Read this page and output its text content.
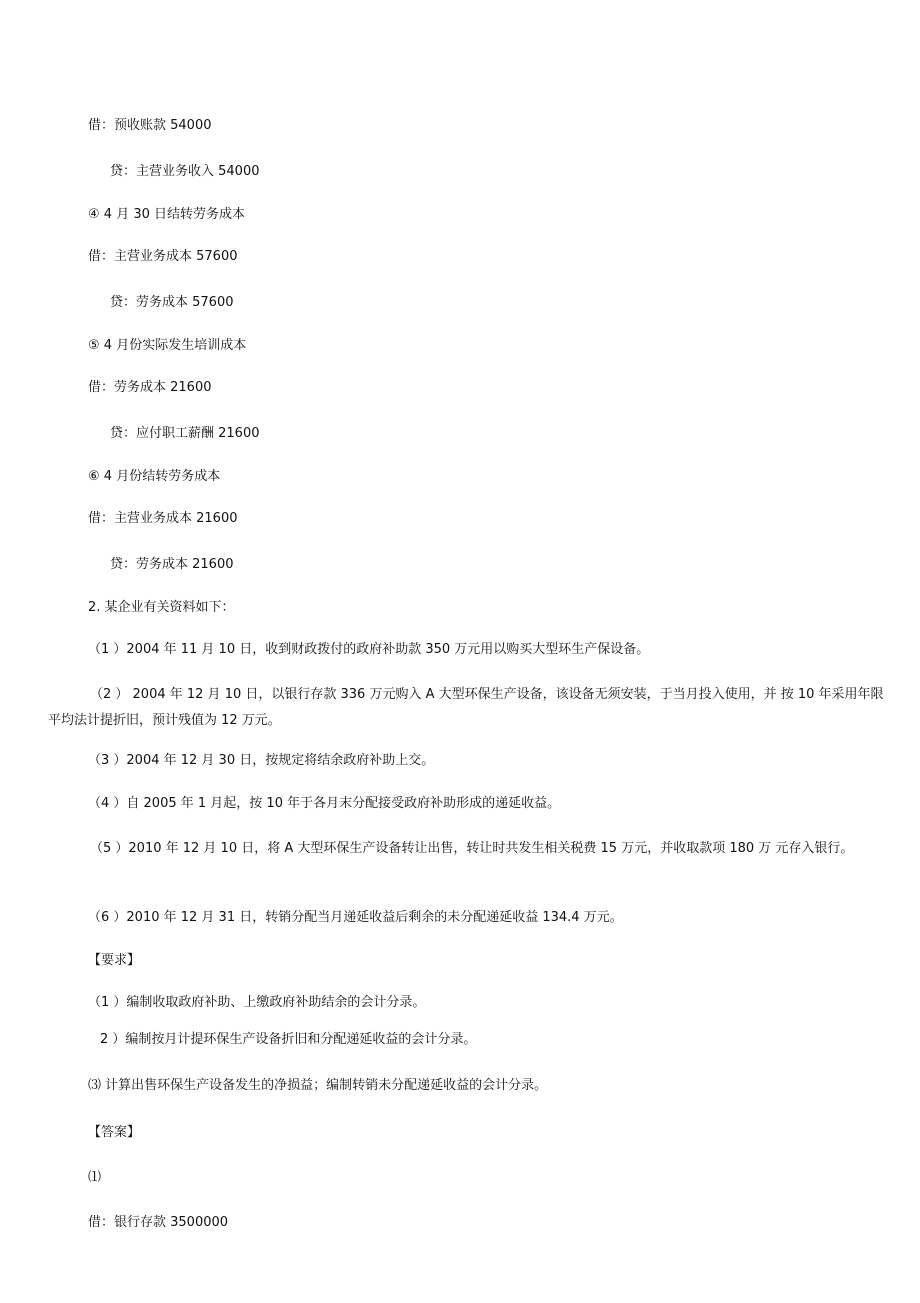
借：预收账款 54000
贷：主营业务收入 54000
④ 4 月 30 日结转劳务成本
借：主营业务成本 57600
贷：劳务成本 57600
⑤ 4 月份实际发生培训成本
借：劳务成本 21600
贷：应付职工薪酬 21600
⑥ 4 月份结转劳务成本
借：主营业务成本 21600
贷：劳务成本 21600
2. 某企业有关资料如下：
（1 ）2004 年 11 月 10 日，收到财政拨付的政府补助款 350 万元用以购买大型环生产保设备。
（2 ） 2004 年 12 月 10 日，以银行存款 336 万元购入 A 大型环保生产设备，该设备无须安装，于当月投入使用，并 按 10 年采用年限平均法计提折旧，预计残值为 12 万元。
（3 ）2004 年 12 月 30 日，按规定将结余政府补助上交。
（4 ）自 2005 年 1 月起，按 10 年于各月末分配接受政府补助形成的递延收益。
（5 ）2010 年 12 月 10 日，将 A 大型环保生产设备转让出售，转让时共发生相关税费 15 万元，并收取款项 180 万 元存入银行。
（6 ）2010 年 12 月 31 日，转销分配当月递延收益后剩余的未分配递延收益 134.4 万元。
【要求】
（1 ）编制收取政府补助、上缴政府补助结余的会计分录。
2 ）编制按月计提环保生产设备折旧和分配递延收益的会计分录。
⑶ 计算出售环保生产设备发生的净损益；编制转销未分配递延收益的会计分录。
【答案】
⑴
借：银行存款 3500000
